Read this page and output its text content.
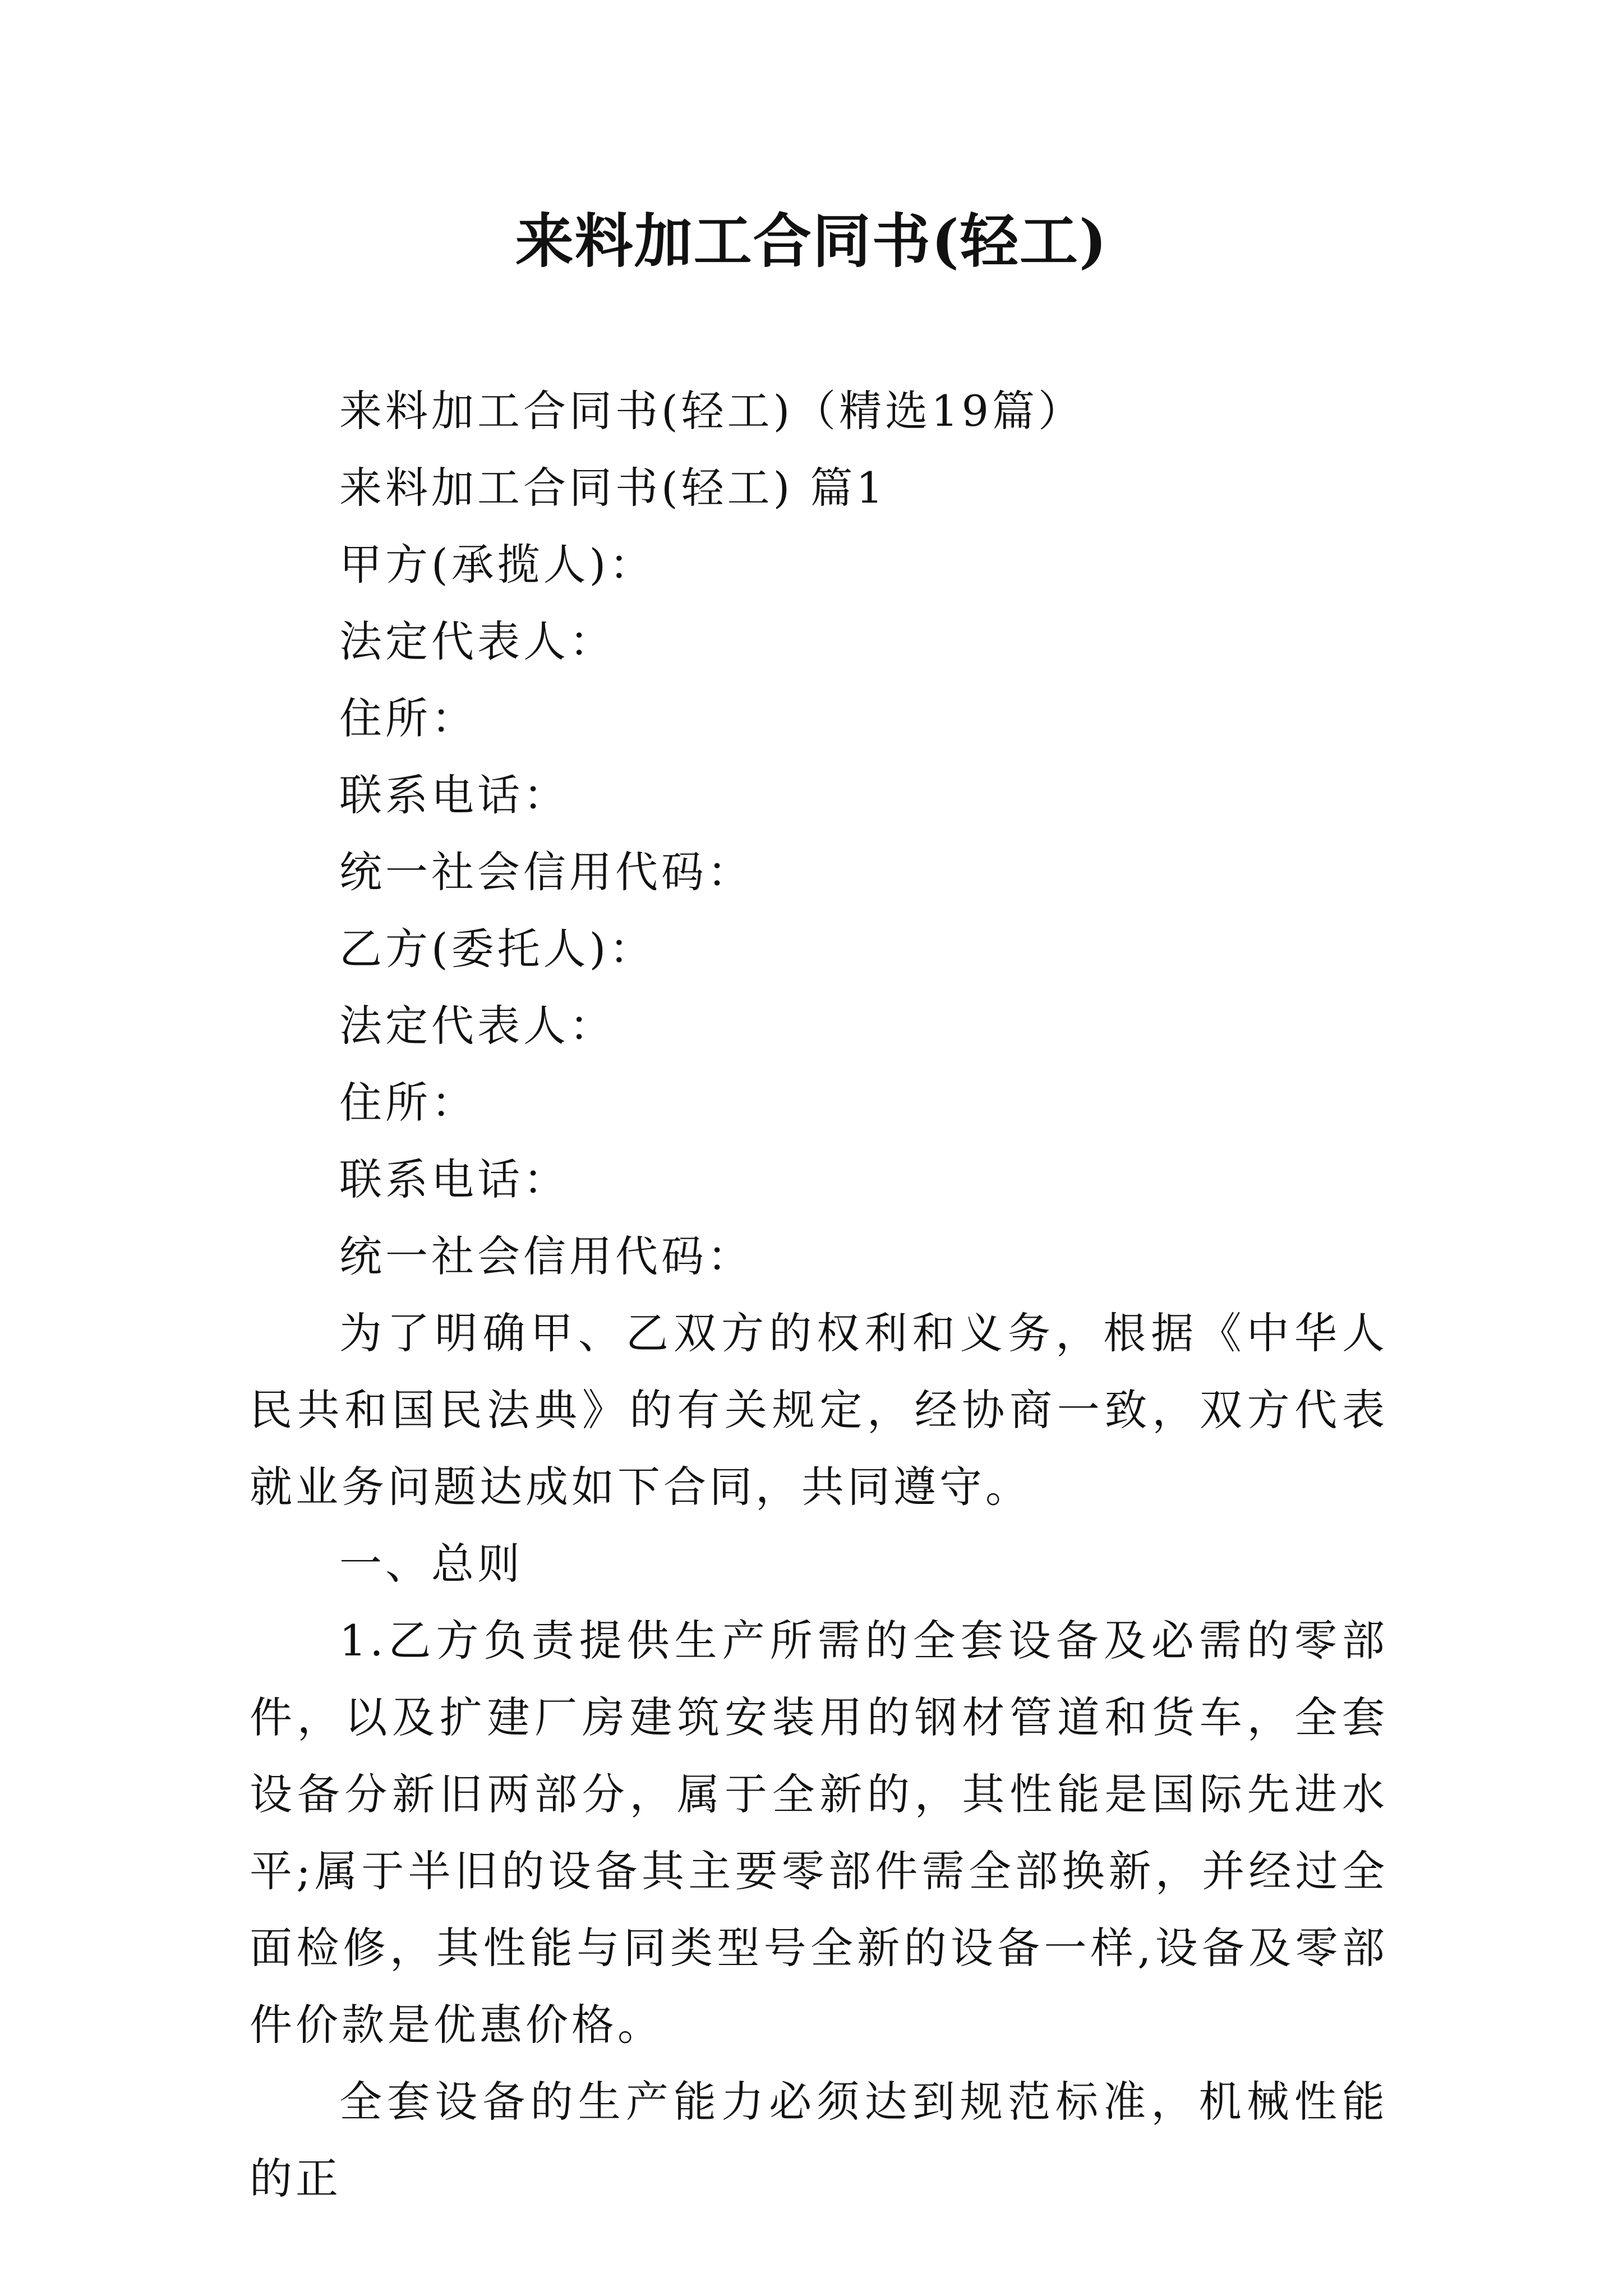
来料加工合同书(轻工)

来料加工合同书(轻工)（精选19篇）

来料加工合同书(轻工) 篇1

甲方(承揽人)：

法定代表人：

住所：

联系电话：

统一社会信用代码：

乙方(委托人)：

法定代表人：

住所：

联系电话：

统一社会信用代码：

为了明确甲、乙双方的权利和义务，根据《中华人民共和国民法典》的有关规定，经协商一致，双方代表就业务问题达成如下合同，共同遵守。

一、总则

1.乙方负责提供生产所需的全套设备及必需的零部件，以及扩建厂房建筑安装用的钢材管道和货车，全套设备分新旧两部分，属于全新的，其性能是国际先进水平;属于半旧的设备其主要零部件需全部换新，并经过全面检修，其性能与同类型号全新的设备一样,设备及零部件价款是优惠价格。

全套设备的生产能力必须达到规范标准，机械性能的正
